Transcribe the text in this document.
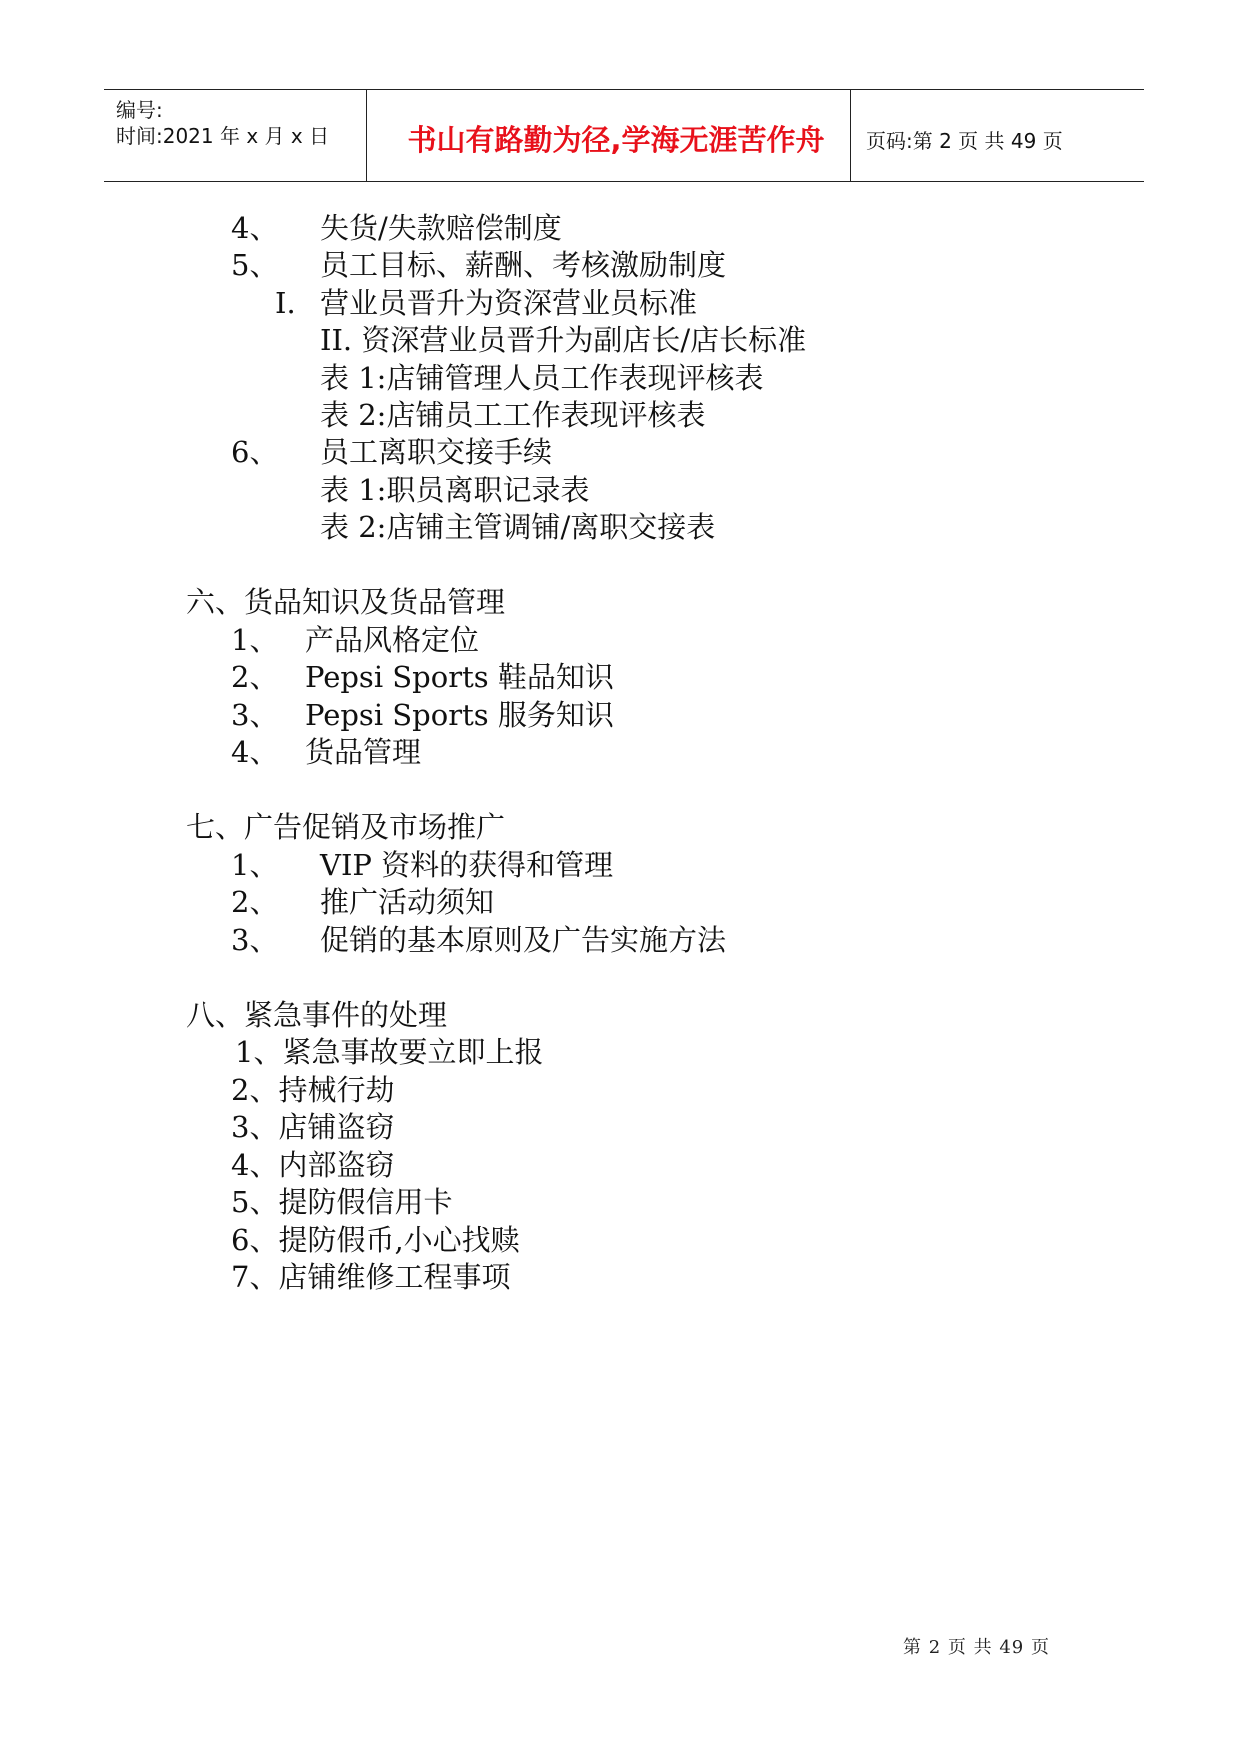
编号:
时间:2021 年 x 月 x 日	书山有路勤为径,学海无涯苦作舟	页码:第 2 页 共 49 页
4、 失货/失款赔偿制度
5、 员工目标、薪酬、考核激励制度
I. 营业员晋升为资深营业员标准
II. 资深营业员晋升为副店长/店长标准
表 1:店铺管理人员工作表现评核表
表 2:店铺员工工作表现评核表
6、 员工离职交接手续
表 1:职员离职记录表
表 2:店铺主管调铺/离职交接表
六、货品知识及货品管理
1、 产品风格定位
2、 Pepsi Sports 鞋品知识
3、 Pepsi Sports 服务知识
4、 货品管理
七、广告促销及市场推广
1、 VIP 资料的获得和管理
2、 推广活动须知
3、 促销的基本原则及广告实施方法
八、紧急事件的处理
1、紧急事故要立即上报
2、持械行劫
3、店铺盗窃
4、内部盗窃
5、提防假信用卡
6、提防假币,小心找赎
7、店铺维修工程事项
第 2 页 共 49 页
